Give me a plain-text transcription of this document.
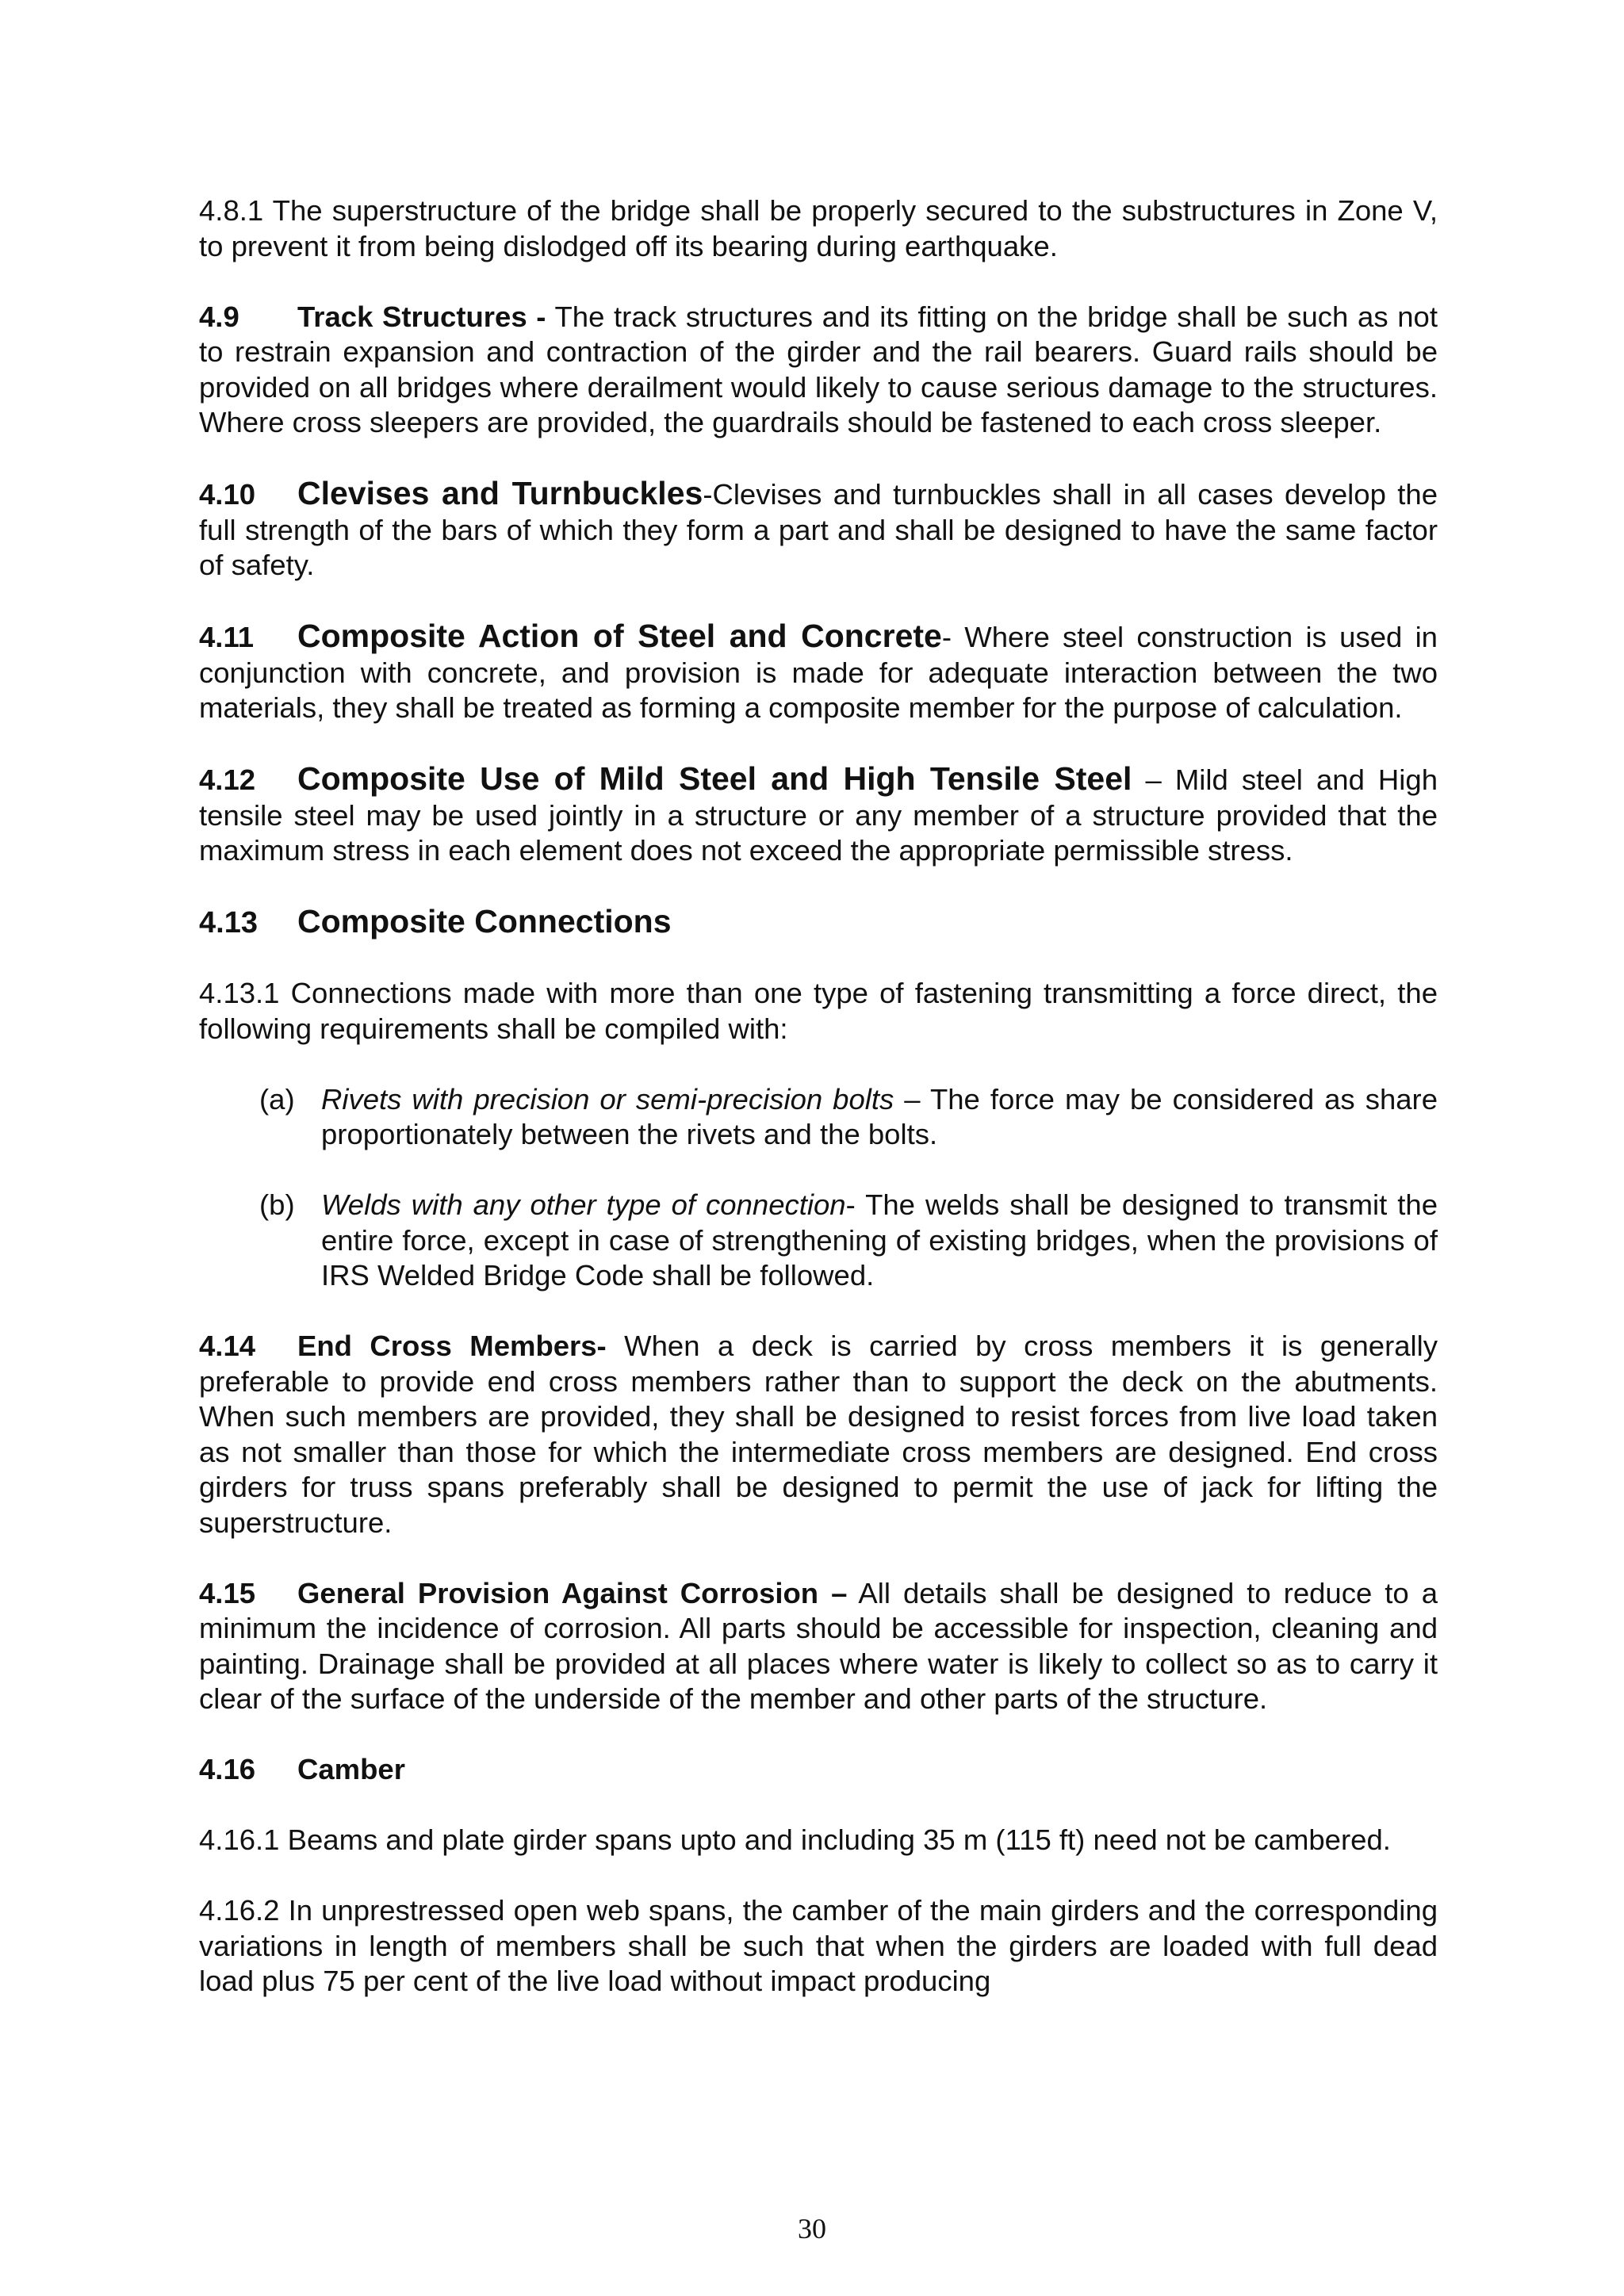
4.8.1 The superstructure of the bridge shall be properly secured to the substructures in Zone V, to prevent it from being dislodged off its bearing during earthquake.

4.9 Track Structures - The track structures and its fitting on the bridge shall be such as not to restrain expansion and contraction of the girder and the rail bearers. Guard rails should be provided on all bridges where derailment would likely to cause serious damage to the structures. Where cross sleepers are provided, the guardrails should be fastened to each cross sleeper.

4.10 Clevises and Turnbuckles-Clevises and turnbuckles shall in all cases develop the full strength of the bars of which they form a part and shall be designed to have the same factor of safety.

4.11 Composite Action of Steel and Concrete- Where steel construction is used in conjunction with concrete, and provision is made for adequate interaction between the two materials, they shall be treated as forming a composite member for the purpose of calculation.

4.12 Composite Use of Mild Steel and High Tensile Steel – Mild steel and High tensile steel may be used jointly in a structure or any member of a structure provided that the maximum stress in each element does not exceed the appropriate permissible stress.

4.13 Composite Connections

4.13.1 Connections made with more than one type of fastening transmitting a force direct, the following requirements shall be compiled with:

(a) Rivets with precision or semi-precision bolts – The force may be considered as share proportionately between the rivets and the bolts.
(b) Welds with any other type of connection- The welds shall be designed to transmit the entire force, except in case of strengthening of existing bridges, when the provisions of IRS Welded Bridge Code shall be followed.

4.14 End Cross Members- When a deck is carried by cross members it is generally preferable to provide end cross members rather than to support the deck on the abutments. When such members are provided, they shall be designed to resist forces from live load taken as not smaller than those for which the intermediate cross members are designed. End cross girders for truss spans preferably shall be designed to permit the use of jack for lifting the superstructure.

4.15 General Provision Against Corrosion – All details shall be designed to reduce to a minimum the incidence of corrosion. All parts should be accessible for inspection, cleaning and painting. Drainage shall be provided at all places where water is likely to collect so as to carry it clear of the surface of the underside of the member and other parts of the structure.

4.16 Camber

4.16.1 Beams and plate girder spans upto and including 35 m (115 ft) need not be cambered.

4.16.2 In unprestressed open web spans, the camber of the main girders and the corresponding variations in length of members shall be such that when the girders are loaded with full dead load plus 75 per cent of the live load without impact producing

30
